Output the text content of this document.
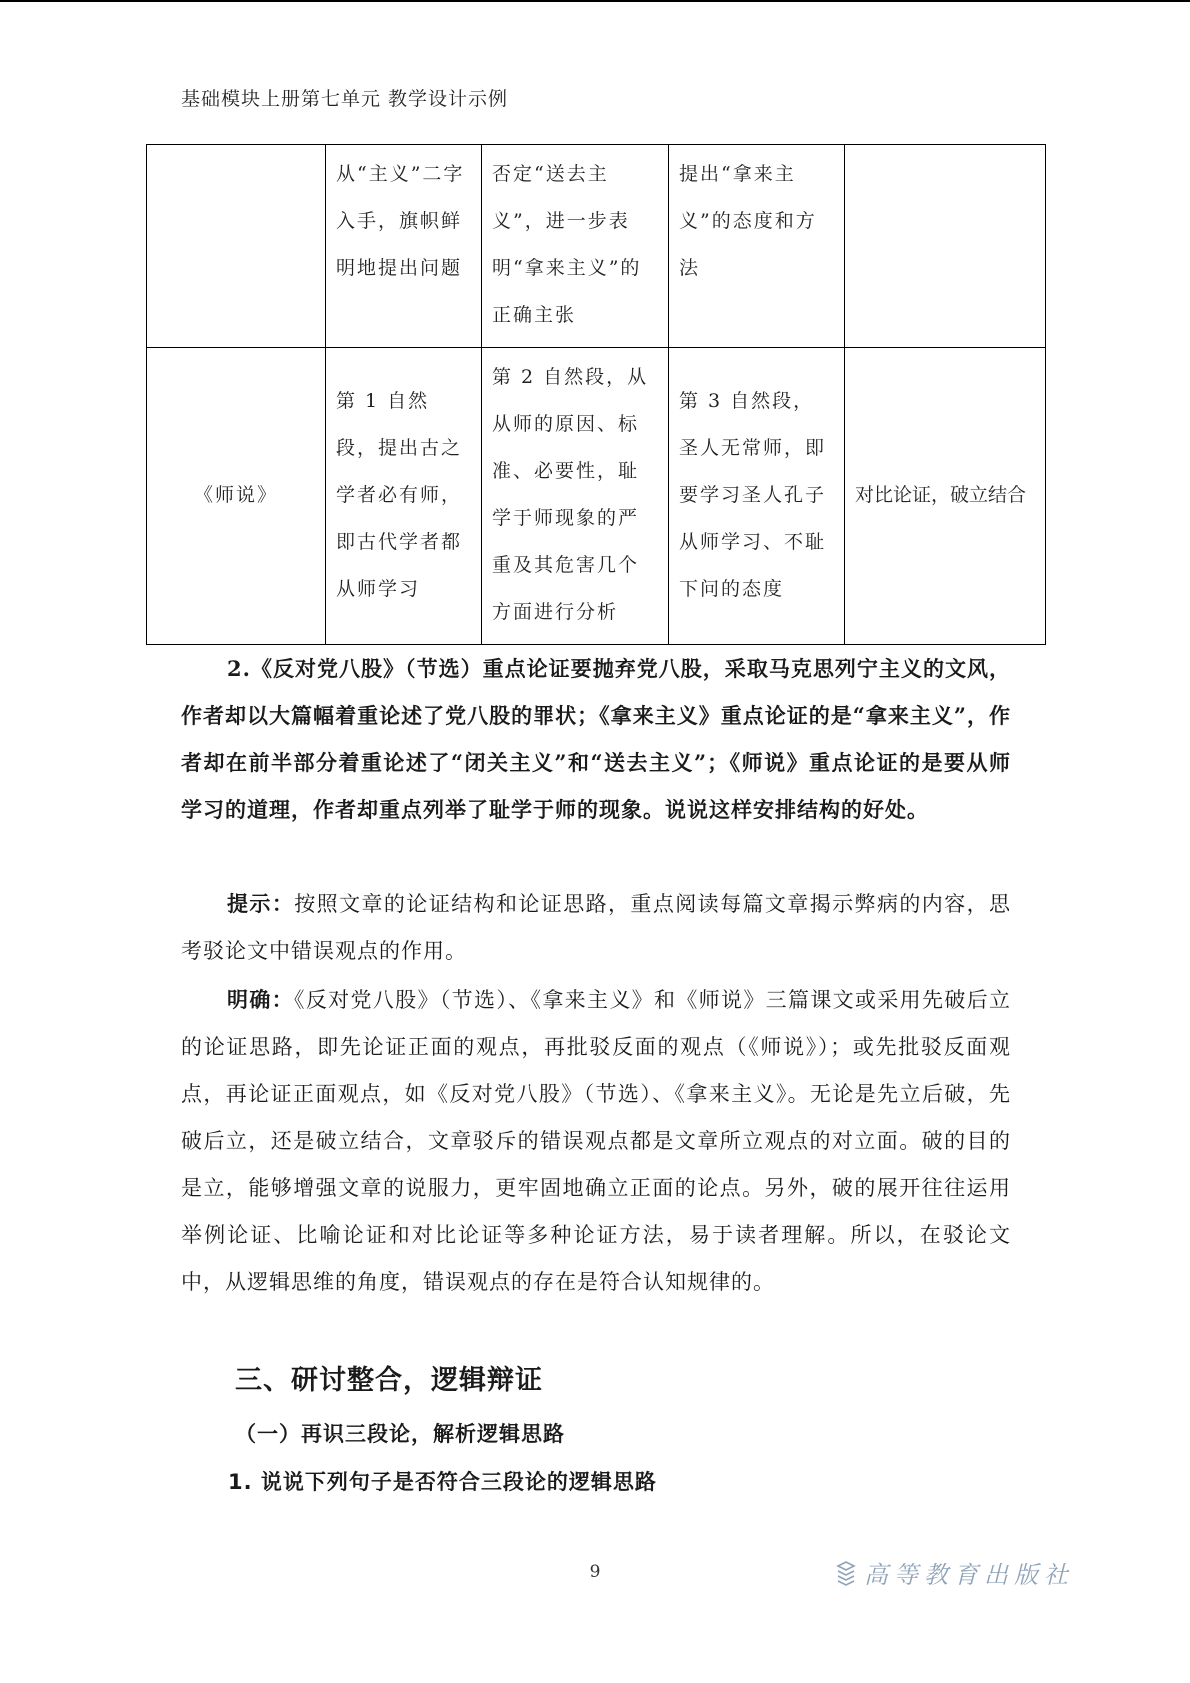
基础模块上册第七单元 教学设计示例
	从“主义”二字入手，旗帜鲜明地提出问题	否定“送去主义”，进一步表明“拿来主义”的正确主张	提出“拿来主义”的态度和方法	
《师说》	第 1 自然段，提出古之学者必有师，即古代学者都从师学习	第 2 自然段，从从师的原因、标准、必要性，耻学于师现象的严重及其危害几个方面进行分析	第 3 自然段，圣人无常师，即要学习圣人孔子从师学习、不耻下问的态度	对比论证，破立结合

2.《反对党八股》（节选）重点论证要抛弃党八股，采取马克思列宁主义的文风，作者却以大篇幅着重论述了党八股的罪状；《拿来主义》重点论证的是“拿来主义”，作者却在前半部分着重论述了“闭关主义”和“送去主义”；《师说》重点论证的是要从师学习的道理，作者却重点列举了耻学于师的现象。说说这样安排结构的好处。

提示：按照文章的论证结构和论证思路，重点阅读每篇文章揭示弊病的内容，思考驳论文中错误观点的作用。

明确：《反对党八股》（节选）、《拿来主义》和《师说》三篇课文或采用先破后立的论证思路，即先论证正面的观点，再批驳反面的观点（《师说》）；或先批驳反面观点，再论证正面观点，如《反对党八股》（节选）、《拿来主义》。无论是先立后破，先破后立，还是破立结合，文章驳斥的错误观点都是文章所立观点的对立面。破的目的是立，能够增强文章的说服力，更牢固地确立正面的论点。另外，破的展开往往运用举例论证、比喻论证和对比论证等多种论证方法，易于读者理解。所以，在驳论文中，从逻辑思维的角度，错误观点的存在是符合认知规律的。

三、研讨整合，逻辑辩证
（一）再识三段论，解析逻辑思路
1. 说说下列句子是否符合三段论的逻辑思路
9	高等教育出版社
